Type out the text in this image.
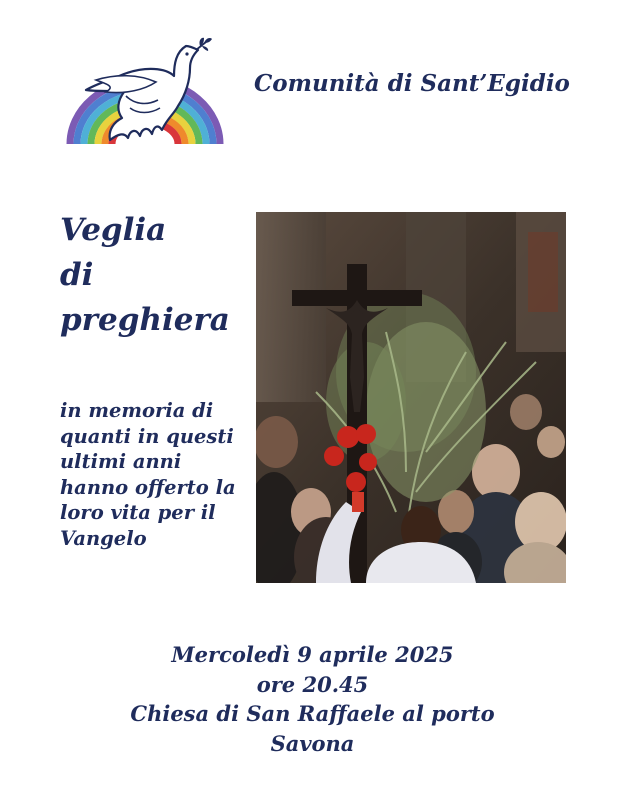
Comunità di Sant’Egidio
Veglia
di
preghiera
in memoria di
quanti in questi
ultimi anni
hanno offerto la
loro vita per il
Vangelo
Mercoledì 9 aprile 2025
ore 20.45
Chiesa di San Raffaele al porto
Savona
